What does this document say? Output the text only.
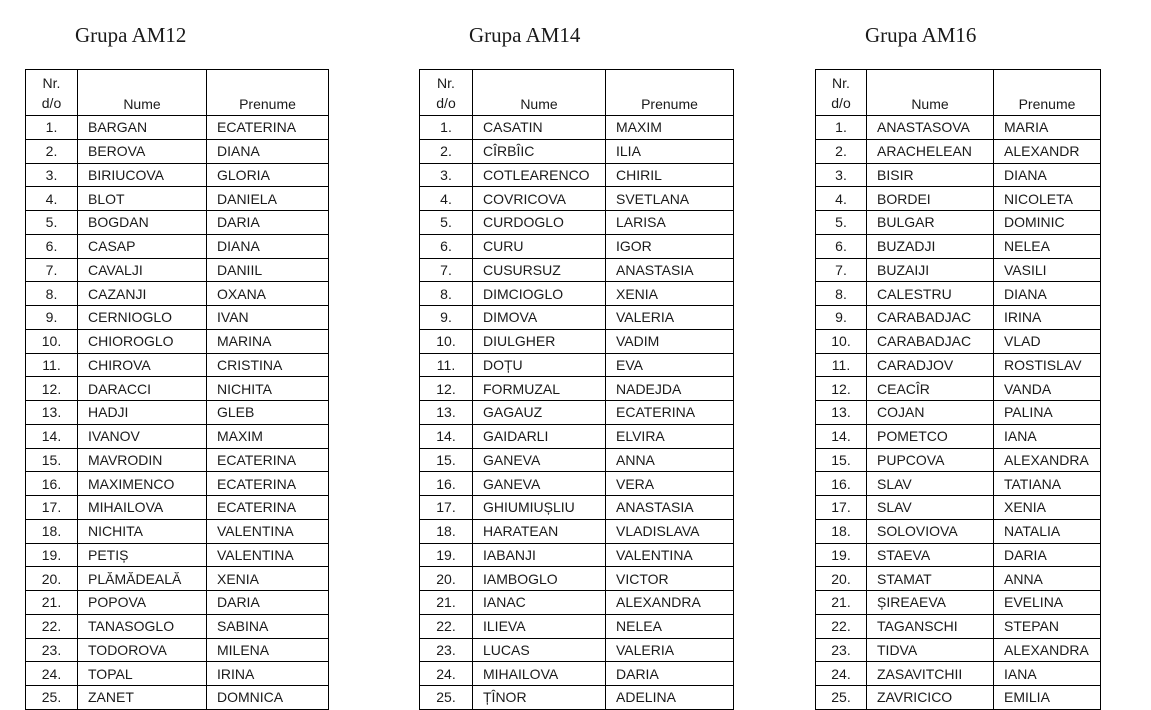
Grupa AM12
Nr.
d/o	Nume	Prenume
1.	BARGAN	ECATERINA
2.	BEROVA	DIANA
3.	BIRIUCOVA	GLORIA
4.	BLOT	DANIELA
5.	BOGDAN	DARIA
6.	CASAP	DIANA
7.	CAVALJI	DANIIL
8.	CAZANJI	OXANA
9.	CERNIOGLO	IVAN
10.	CHIOROGLO	MARINA
11.	CHIROVA	CRISTINA
12.	DARACCI	NICHITA
13.	HADJI	GLEB
14.	IVANOV	MAXIM
15.	MAVRODIN	ECATERINA
16.	MAXIMENCO	ECATERINA
17.	MIHAILOVA	ECATERINA
18.	NICHITA	VALENTINA
19.	PETIȘ	VALENTINA
20.	PLĂMĂDEALĂ	XENIA
21.	POPOVA	DARIA
22.	TANASOGLO	SABINA
23.	TODOROVA	MILENA
24.	TOPAL	IRINA
25.	ZANET	DOMNICA
Grupa AM14
Nr.
d/o	Nume	Prenume
1.	CASATIN	MAXIM
2.	CÎRBÎIC	ILIA
3.	COTLEARENCO	CHIRIL
4.	COVRICOVA	SVETLANA
5.	CURDOGLO	LARISA
6.	CURU	IGOR
7.	CUSURSUZ	ANASTASIA
8.	DIMCIOGLO	XENIA
9.	DIMOVA	VALERIA
10.	DIULGHER	VADIM
11.	DOȚU	EVA
12.	FORMUZAL	NADEJDA
13.	GAGAUZ	ECATERINA
14.	GAIDARLI	ELVIRA
15.	GANEVA	ANNA
16.	GANEVA	VERA
17.	GHIUMIUȘLIU	ANASTASIA
18.	HARATEAN	VLADISLAVA
19.	IABANJI	VALENTINA
20.	IAMBOGLO	VICTOR
21.	IANAC	ALEXANDRA
22.	ILIEVA	NELEA
23.	LUCAS	VALERIA
24.	MIHAILOVA	DARIA
25.	ȚÎNOR	ADELINA
Grupa AM16
Nr.
d/o	Nume	Prenume
1.	ANASTASOVA	MARIA
2.	ARACHELEAN	ALEXANDR
3.	BISIR	DIANA
4.	BORDEI	NICOLETA
5.	BULGAR	DOMINIC
6.	BUZADJI	NELEA
7.	BUZAIJI	VASILI
8.	CALESTRU	DIANA
9.	CARABADJAC	IRINA
10.	CARABADJAC	VLAD
11.	CARADJOV	ROSTISLAV
12.	CEACÎR	VANDA
13.	COJAN	PALINA
14.	POMETCO	IANA
15.	PUPCOVA	ALEXANDRA
16.	SLAV	TATIANA
17.	SLAV	XENIA
18.	SOLOVIOVA	NATALIA
19.	STAEVA	DARIA
20.	STAMAT	ANNA
21.	ȘIREAEVA	EVELINA
22.	TAGANSCHI	STEPAN
23.	TIDVA	ALEXANDRA
24.	ZASAVITCHII	IANA
25.	ZAVRICICO	EMILIA
